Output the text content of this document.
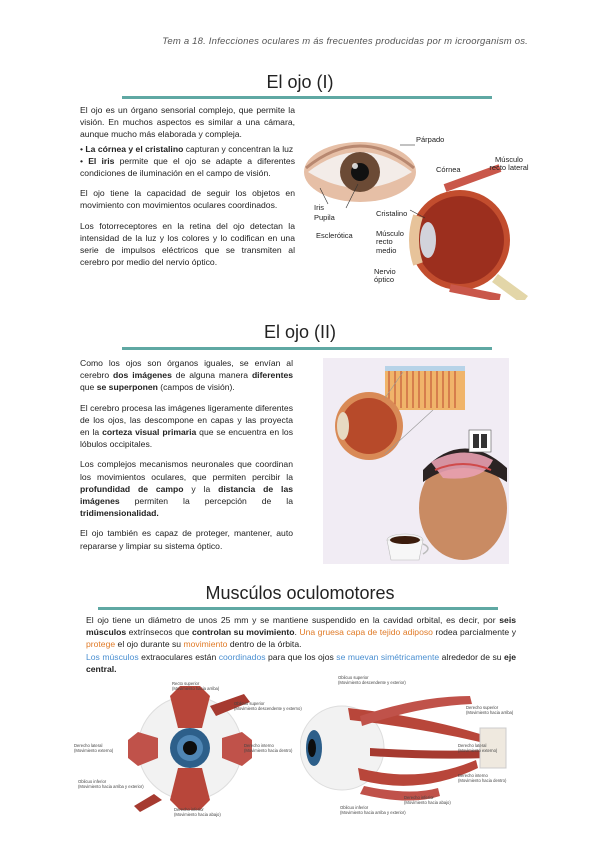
Tem a 18. Infecciones oculares m ás frecuentes producidas por m icroorganism os.
El ojo (I)

El ojo es un órgano sensorial complejo, que permite la visión. En muchos aspectos es similar a una cámara, aunque mucho más elaborada y compleja.

• La córnea y el cristalino capturan y concentran la luz

• El iris permite que el ojo se adapte a diferentes condiciones de iluminación en el campo de visión.

El ojo tiene la capacidad de seguir los objetos en movimiento con movimientos oculares coordinados.

Los fotorreceptores en la retina del ojo detectan la intensidad de la luz y los colores y lo codifican en una serie de impulsos eléctricos que se transmiten al cerebro por medio del nervio óptico.

Párpado
Córnea
Músculo recto lateral
Iris
Pupila
Esclerótica
Cristalino
Músculo recto medio
Nervio óptico
El ojo (II)

Como los ojos son órganos iguales, se envían al cerebro dos imágenes de alguna manera diferentes que se superponen (campos de visión).

El cerebro procesa las imágenes ligeramente diferentes de los ojos, las descompone en capas y las proyecta en la corteza visual primaria que se encuentra en los lóbulos occipitales.

Los complejos mecanismos neuronales que coordinan los movimientos oculares, que permiten percibir la profundidad de campo y la distancia de las imágenes permiten la percepción de la tridimensionalidad.

El ojo también es capaz de proteger, mantener, auto repararse y limpiar su sistema óptico.

Muscúlos oculomotores

El ojo tiene un diámetro de unos 25 mm y se mantiene suspendido en la cavidad orbital, es decir, por seis músculos extrínsecos que controlan su movimiento. Una gruesa capa de tejido adiposo rodea parcialmente y protege el ojo durante su movimiento dentro de la órbita.

Los músculos extraoculares están coordinados para que los ojos se muevan simétricamente alrededor de su eje central.

Recto superior
(Movimiento hacia arriba)
Oblicuo superior
(Movimiento descendente y externo)
Derecho lateral
(Movimiento externo)
Derecho interno
(Movimiento hacia dentro)
Oblicuo inferior
(Movimiento hacia arriba y exterior)
Derecho inferior
(Movimiento hacia abajo)
Oblicuo superior
(Movimiento descendente y exterior)
Derecho superior
(Movimiento hacia arriba)
Derecho lateral
(Movimiento externo)
Derecho interno
(Movimiento hacia dentro)
Derecho inferior
(Movimiento hacia abajo)
Oblicuo inferior
(Movimiento hacia arriba y exterior)
